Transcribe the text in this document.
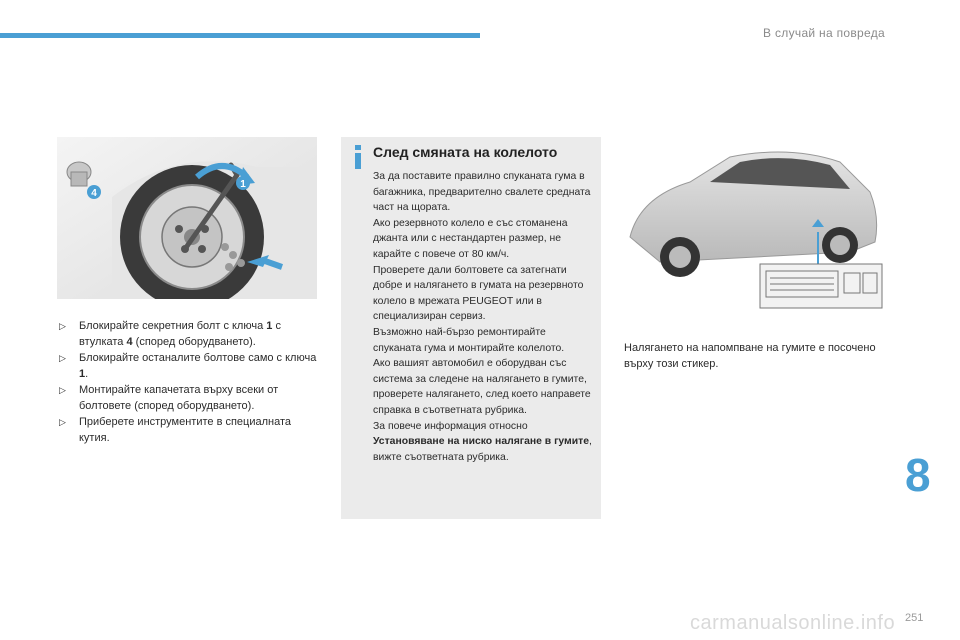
В случай на повреда
4
1
▷ Блокирайте секретния болт с ключа 1 с втулката 4 (според оборудването).
▷ Блокирайте останалите болтове само с ключа 1.
▷ Монтирайте капачетата върху всеки от болтовете (според оборудването).
▷ Приберете инструментите в специалната кутия.
След смяната на колелото

За да поставите правилно спуканата гума в багажника, предварително свалете средната част на щората.

Ако резервното колело е със стоманена джанта или с нестандартен размер, не карайте с повече от 80 км/ч.

Проверете дали болтовете са затегнати добре и налягането в гумата на резервното колело в мрежата PEUGEOT или в специализиран сервиз.

Възможно най-бързо ремонтирайте спуканата гума и монтирайте колелото.

Ако вашият автомобил е оборудван със система за следене на налягането в гумите, проверете налягането, след което направете справка в съответната рубрика.

За повече информация относно

Установяване на ниско налягане в гумите, вижте съответната рубрика.

Налягането на напомпване на гумите е посочено върху този стикер.
8
251
carmanualsonline.info
